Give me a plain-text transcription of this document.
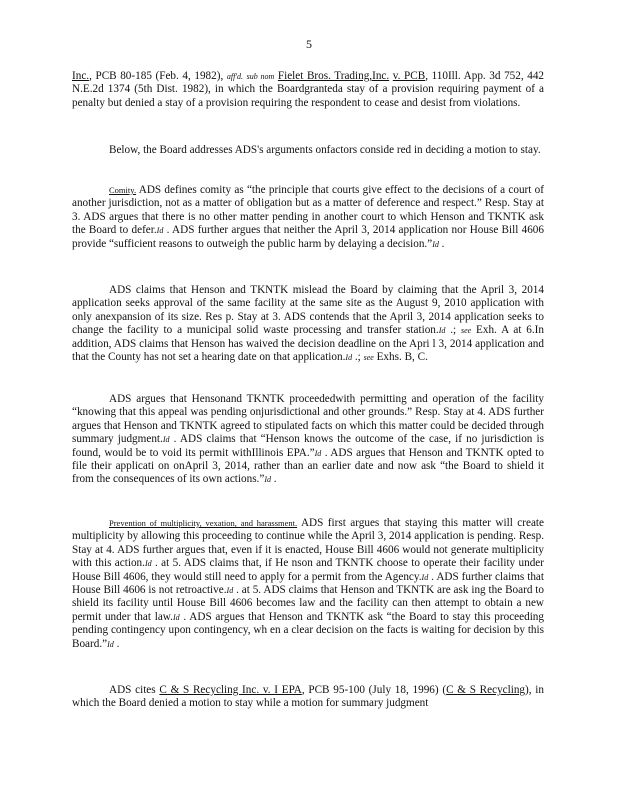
5
Inc., PCB 80-185 (Feb. 4, 1982), aff'd. sub nom Fielet Bros. Trading,Inc. v. PCB, 110Ill. App. 3d 752, 442 N.E.2d 1374 (5th Dist. 1982), in which the Boardgranteda stay of a provision requiring payment of a penalty but denied a stay of a provision requiring the respondent to cease and desist from violations.
Below, the Board addresses ADS's arguments onfactors conside red in deciding a motion to stay.
Comity. ADS defines comity as “the principle that courts give effect to the decisions of a court of another jurisdiction, not as a matter of obligation but as a matter of deference and respect.” Resp. Stay at 3. ADS argues that there is no other matter pending in another court to which Henson and TKNTK ask the Board to defer.Id . ADS further argues that neither the April 3, 2014 application nor House Bill 4606 provide “sufficient reasons to outweigh the public harm by delaying a decision.”Id .
ADS claims that Henson and TKNTK mislead the Board by claiming that the April 3, 2014 application seeks approval of the same facility at the same site as the August 9, 2010 application with only anexpansion of its size. Res p. Stay at 3. ADS contends that the April 3, 2014 application seeks to change the facility to a municipal solid waste processing and transfer station.Id .; see Exh. A at 6.In addition, ADS claims that Henson has waived the decision deadline on the Apri l 3, 2014 application and that the County has not set a hearing date on that application.Id .; see Exhs. B, C.
ADS argues that Hensonand TKNTK proceededwith permitting and operation of the facility “knowing that this appeal was pending onjurisdictional and other grounds.” Resp. Stay at 4. ADS further argues that Henson and TKNTK agreed to stipulated facts on which this matter could be decided through summary judgment.Id . ADS claims that “Henson knows the outcome of the case, if no jurisdiction is found, would be to void its permit withIllinois EPA.”Id . ADS argues that Henson and TKNTK opted to file their applicati on onApril 3, 2014, rather than an earlier date and now ask “the Board to shield it from the consequences of its own actions.”Id .
Prevention of multiplicity, vexation, and harassment. ADS first argues that staying this matter will create multiplicity by allowing this proceeding to continue while the April 3, 2014 application is pending. Resp. Stay at 4. ADS further argues that, even if it is enacted, House Bill 4606 would not generate multiplicity with this action.Id . at 5. ADS claims that, if He nson and TKNTK choose to operate their facility under House Bill 4606, they would still need to apply for a permit from the Agency.Id . ADS further claims that House Bill 4606 is not retroactive.Id . at 5. ADS claims that Henson and TKNTK are ask ing the Board to shield its facility until House Bill 4606 becomes law and the facility can then attempt to obtain a new permit under that law.Id . ADS argues that Henson and TKNTK ask “the Board to stay this proceeding pending contingency upon contingency, wh en a clear decision on the facts is waiting for decision by this Board.”Id .
ADS cites C & S Recycling Inc. v. I EPA, PCB 95-100 (July 18, 1996) (C & S Recycling), in which the Board denied a motion to stay while a motion for summary judgment
